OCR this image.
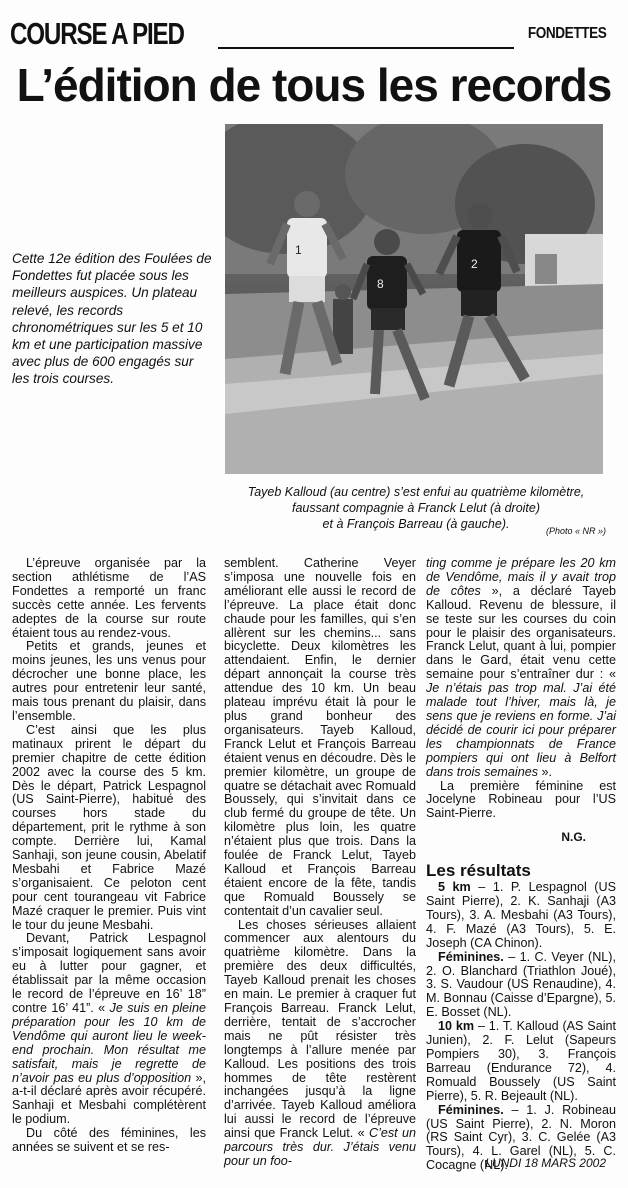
COURSE A PIED	FONDETTES
L’édition de tous les records
1
8
2
Cette 12e édition des Foulées de Fondettes fut placée sous les meilleurs auspices. Un plateau relevé, les records chronométriques sur les 5 et 10 km et une participation massive avec plus de 600 engagés sur les trois courses.
Tayeb Kalloud (au centre) s’est enfui au quatrième kilomètre,
faussant compagnie à Franck Lelut (à droite)
et à François Barreau (à gauche).	(Photo « NR »)

L’épreuve organisée par la section athlétisme de l’AS Fondettes a remporté un franc succès cette année. Les fervents adeptes de la course sur route étaient tous au rendez-vous.

Petits et grands, jeunes et moins jeunes, les uns venus pour décrocher une bonne place, les autres pour entretenir leur santé, mais tous prenant du plaisir, dans l’ensemble.

C’est ainsi que les plus matinaux prirent le départ du premier chapitre de cette édition 2002 avec la course des 5 km. Dès le départ, Patrick Lespagnol (US Saint-Pierre), habitué des courses hors stade du département, prit le rythme à son compte. Derrière lui, Kamal Sanhaji, son jeune cousin, Abelatif Mesbahi et Fabrice Mazé s’organisaient. Ce peloton cent pour cent tourangeau vit Fabrice Mazé craquer le premier. Puis vint le tour du jeune Mesbahi.

Devant, Patrick Lespagnol s’imposait logiquement sans avoir eu à lutter pour gagner, et établissait par la même occasion le record de l’épreuve en 16’ 18” contre 16’ 41”. « Je suis en pleine préparation pour les 10 km de Vendôme qui auront lieu le week-end prochain. Mon résultat me satisfait, mais je regrette de n’avoir pas eu plus d’opposition », a-t-il déclaré après avoir récupéré. Sanhaji et Mesbahi complétèrent le podium.

Du côté des féminines, les années se suivent et se res-

semblent. Catherine Veyer s’imposa une nouvelle fois en améliorant elle aussi le record de l’épreuve. La place était donc chaude pour les familles, qui s’en allèrent sur les chemins... sans bicyclette. Deux kilomètres les attendaient. Enfin, le dernier départ annonçait la course très attendue des 10 km. Un beau plateau imprévu était là pour le plus grand bonheur des organisateurs. Tayeb Kalloud, Franck Lelut et François Barreau étaient venus en découdre. Dès le premier kilomètre, un groupe de quatre se détachait avec Romuald Boussely, qui s’invitait dans ce club fermé du groupe de tête. Un kilomètre plus loin, les quatre n’étaient plus que trois. Dans la foulée de Franck Lelut, Tayeb Kalloud et François Barreau étaient encore de la fête, tandis que Romuald Boussely se contentait d’un cavalier seul.

Les choses sérieuses allaient commencer aux alentours du quatrième kilomètre. Dans la première des deux difficultés, Tayeb Kalloud prenait les choses en main. Le premier à craquer fut François Barreau. Franck Lelut, derrière, tentait de s’accrocher mais ne pût résister très longtemps à l’allure menée par Kalloud. Les positions des trois hommes de tête restèrent inchangées jusqu’à la ligne d’arrivée. Tayeb Kalloud améliora lui aussi le record de l’épreuve ainsi que Franck Lelut. « C’est un parcours très dur. J’étais venu pour un foo-

ting comme je prépare les 20 km de Vendôme, mais il y avait trop de côtes », a déclaré Tayeb Kalloud. Revenu de blessure, il se teste sur les courses du coin pour le plaisir des organisateurs. Franck Lelut, quant à lui, pompier dans le Gard, était venu cette semaine pour s’entraîner dur : « Je n’étais pas trop mal. J’ai été malade tout l’hiver, mais là, je sens que je reviens en forme. J’ai décidé de courir ici pour préparer les championnats de France pompiers qui ont lieu à Belfort dans trois semaines ».

La première féminine est Jocelyne Robineau pour l’US Saint-Pierre.

N.G.
Les résultats

5 km – 1. P. Lespagnol (US Saint Pierre), 2. K. Sanhaji (A3 Tours), 3. A. Mesbahi (A3 Tours), 4. F. Mazé (A3 Tours), 5. E. Joseph (CA Chinon).

Féminines. – 1. C. Veyer (NL), 2. O. Blanchard (Triathlon Joué), 3. S. Vaudour (US Renaudine), 4. M. Bonnau (Caisse d’Epargne), 5. E. Bosset (NL).

10 km – 1. T. Kalloud (AS Saint Junien), 2. F. Lelut (Sapeurs Pompiers 30), 3. François Barreau (Endurance 72), 4. Romuald Boussely (US Saint Pierre), 5. R. Bejeault (NL).

Féminines. – 1. J. Robineau (US Saint Pierre), 2. N. Moron (RS Saint Cyr), 3. C. Gelée (A3 Tours), 4. L. Garel (NL), 5. C. Cocagne (NL).

LUNDI 18 MARS 2002
